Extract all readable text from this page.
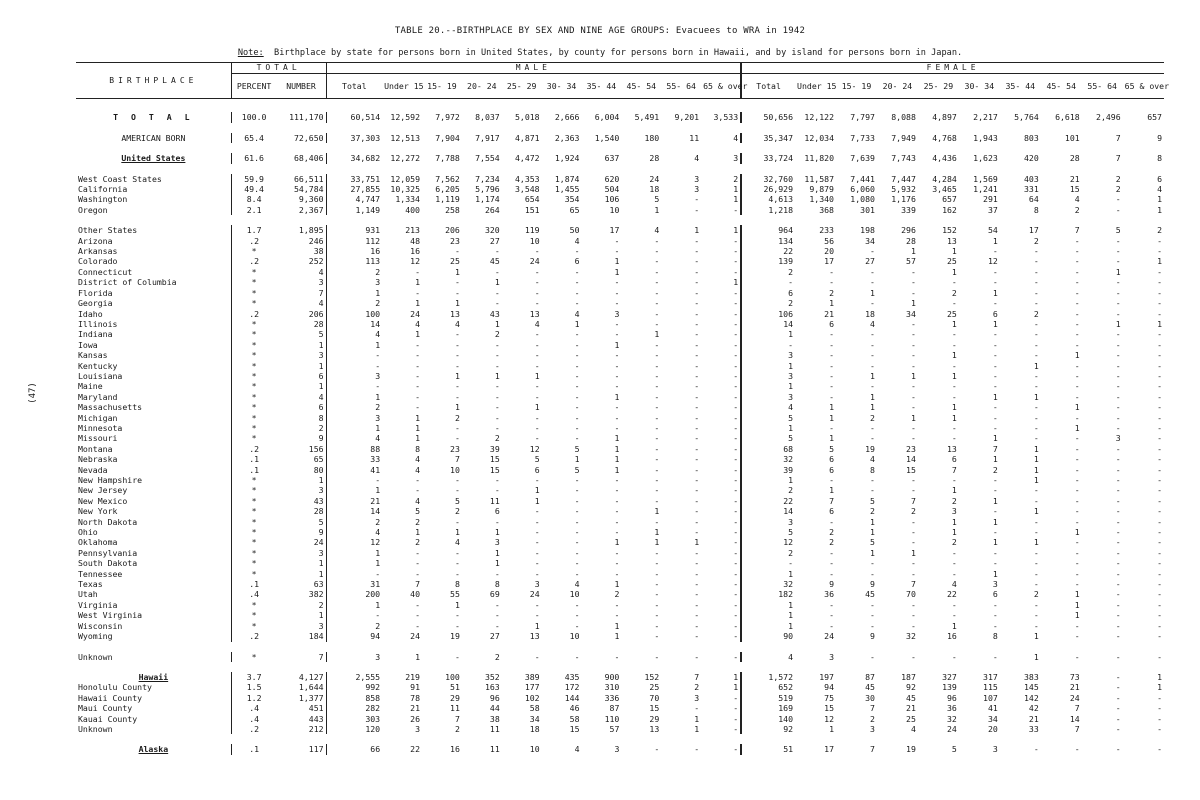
TABLE 20.--BIRTHPLACE BY SEX AND NINE AGE GROUPS: Evacuees to WRA in 1942
Note: Birthplace by state for persons born in United States, by county for persons born in Hawaii, and by island for persons born in Japan.
(47)
BIRTHPLACE	TOTAL		MALE										FEMALE									
	PERCENT	NUMBER	Total	Under 15	15- 19	20- 24	25- 29	30- 34	35- 44	45- 54	55- 64	65 & over	Total	Under 15	15- 19	20- 24	25- 29	30- 34	35- 44	45- 54	55- 64	65 & over

T O T A L	100.0	111,170	60,514	12,592	7,972	8,037	5,018	2,666	6,004	5,491	9,201	3,533	50,656	12,122	7,797	8,088	4,897	2,217	5,764	6,618	2,496	657

AMERICAN BORN	65.4	72,650	37,303	12,513	7,904	7,917	4,871	2,363	1,540	180	11	4	35,347	12,034	7,733	7,949	4,768	1,943	803	101	7	9

United States	61.6	68,406	34,682	12,272	7,788	7,554	4,472	1,924	637	28	4	3	33,724	11,820	7,639	7,743	4,436	1,623	420	28	7	8

West Coast States	59.9	66,511	33,751	12,059	7,562	7,234	4,353	1,874	620	24	3	2	32,760	11,587	7,441	7,447	4,284	1,569	403	21	2	6
California	49.4	54,784	27,855	10,325	6,205	5,796	3,548	1,455	504	18	3	1	26,929	9,879	6,060	5,932	3,465	1,241	331	15	2	4
Washington	8.4	9,360	4,747	1,334	1,119	1,174	654	354	106	5	-	1	4,613	1,340	1,080	1,176	657	291	64	4	-	1
Oregon	2.1	2,367	1,149	400	258	264	151	65	10	1	-	-	1,218	368	301	339	162	37	8	2	-	1

Other States	1.7	1,895	931	213	206	320	119	50	17	4	1	1	964	233	198	296	152	54	17	7	5	2
Arizona	.2	246	112	48	23	27	10	4	-	-	-	-	134	56	34	28	13	1	2	-	-	-
Arkansas	*	38	16	16	-	-	-	-	-	-	-	-	22	20	-	1	1	-	-	-	-	-
Colorado	.2	252	113	12	25	45	24	6	1	-	-	-	139	17	27	57	25	12	-	-	-	1
Connecticut	*	4	2	-	1	-	-	-	1	-	-	-	2	-	-	-	1	-	-	-	1	-
District of Columbia	*	3	3	1	-	1	-	-	-	-	-	1	-	-	-	-	-	-	-	-	-	-
Florida	*	7	1	-	-	-	-	-	-	-	-	-	6	2	1	-	2	1	-	-	-	-
Georgia	*	4	2	1	1	-	-	-	-	-	-	-	2	1	-	1	-	-	-	-	-	-
Idaho	.2	206	100	24	13	43	13	4	3	-	-	-	106	21	18	34	25	6	2	-	-	-
Illinois	*	28	14	4	4	1	4	1	-	-	-	-	14	6	4	-	1	1	-	-	1	1
Indiana	*	5	4	1	-	2	-	-	-	1	-	-	1	-	-	-	-	-	-	-	-	-
Iowa	*	1	1	-	-	-	-	-	1	-	-	-	-	-	-	-	-	-	-	-	-	-
Kansas	*	3	-	-	-	-	-	-	-	-	-	-	3	-	-	-	1	-	-	1	-	-
Kentucky	*	1	-	-	-	-	-	-	-	-	-	-	1	-	-	-	-	-	1	-	-	-
Louisiana	*	6	3	-	1	1	1	-	-	-	-	-	3	-	1	1	1	-	-	-	-	-
Maine	*	1	-	-	-	-	-	-	-	-	-	-	1	-	-	-	-	-	-	-	-	-
Maryland	*	4	1	-	-	-	-	-	1	-	-	-	3	-	1	-	-	1	1	-	-	-
Massachusetts	*	6	2	-	1	-	1	-	-	-	-	-	4	1	1	-	1	-	-	1	-	-
Michigan	*	8	3	1	2	-	-	-	-	-	-	-	5	1	2	1	1	-	-	-	-	-
Minnesota	*	2	1	1	-	-	-	-	-	-	-	-	1	-	-	-	-	-	-	1	-	-
Missouri	*	9	4	1	-	2	-	-	1	-	-	-	5	1	-	-	-	1	-	-	3	-
Montana	.2	156	88	8	23	39	12	5	1	-	-	-	68	5	19	23	13	7	1	-	-	-
Nebraska	.1	65	33	4	7	15	5	1	1	-	-	-	32	6	4	14	6	1	1	-	-	-
Nevada	.1	80	41	4	10	15	6	5	1	-	-	-	39	6	8	15	7	2	1	-	-	-
New Hampshire	*	1	-	-	-	-	-	-	-	-	-	-	1	-	-	-	-	-	1	-	-	-
New Jersey	*	3	1	-	-	-	1	-	-	-	-	-	2	1	-	-	1	-	-	-	-	-
New Mexico	*	43	21	4	5	11	1	-	-	-	-	-	22	7	5	7	2	1	-	-	-	-
New York	*	28	14	5	2	6	-	-	-	1	-	-	14	6	2	2	3	-	1	-	-	-
North Dakota	*	5	2	2	-	-	-	-	-	-	-	-	3	-	1	-	1	1	-	-	-	-
Ohio	*	9	4	1	1	1	-	-	-	1	-	-	5	2	1	-	1	-	-	1	-	-
Oklahoma	*	24	12	2	4	3	-	-	1	1	1	-	12	2	5	-	2	1	1	-	-	-
Pennsylvania	*	3	1	-	-	1	-	-	-	-	-	-	2	-	1	1	-	-	-	-	-	-
South Dakota	*	1	1	-	-	1	-	-	-	-	-	-	-	-	-	-	-	-	-	-	-	-
Tennessee	*	1	-	-	-	-	-	-	-	-	-	-	1	-	-	-	-	1	-	-	-	-
Texas	.1	63	31	7	8	8	3	4	1	-	-	-	32	9	9	7	4	3	-	-	-	-
Utah	.4	382	200	40	55	69	24	10	2	-	-	-	182	36	45	70	22	6	2	1	-	-
Virginia	*	2	1	-	1	-	-	-	-	-	-	-	1	-	-	-	-	-	-	1	-	-
West Virginia	*	1	-	-	-	-	-	-	-	-	-	-	1	-	-	-	-	-	-	1	-	-
Wisconsin	*	3	2	-	-	-	1	-	1	-	-	-	1	-	-	-	1	-	-	-	-	-
Wyoming	.2	184	94	24	19	27	13	10	1	-	-	-	90	24	9	32	16	8	1	-	-	-

Unknown	*	7	3	1	-	2	-	-	-	-	-	-	4	3	-	-	-	-	1	-	-	-

Hawaii	3.7	4,127	2,555	219	100	352	389	435	900	152	7	1	1,572	197	87	187	327	317	383	73	-	1
Honolulu County	1.5	1,644	992	91	51	163	177	172	310	25	2	1	652	94	45	92	139	115	145	21	-	1
Hawaii County	1.2	1,377	858	78	29	96	102	144	336	70	3	-	519	75	30	45	96	107	142	24	-	-
Maui County	.4	451	282	21	11	44	58	46	87	15	-	-	169	15	7	21	36	41	42	7	-	-
Kauai County	.4	443	303	26	7	38	34	58	110	29	1	-	140	12	2	25	32	34	21	14	-	-
Unknown	.2	212	120	3	2	11	18	15	57	13	1	-	92	1	3	4	24	20	33	7	-	-

Alaska	.1	117	66	22	16	11	10	4	3	-	-	-	51	17	7	19	5	3	-	-	-	-
